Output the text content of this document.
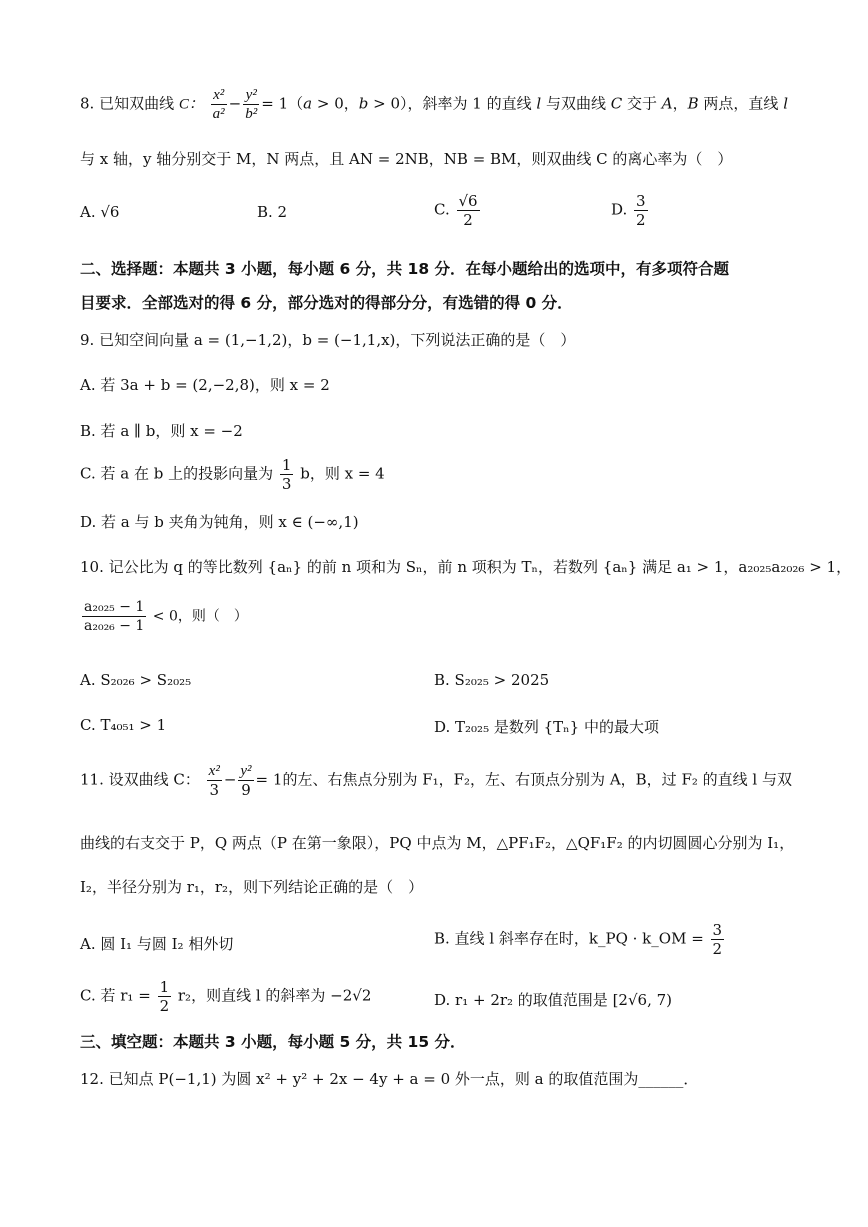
8. 已知双曲线 C： $\frac{\text{x²}}{\text{a²}} - \frac{\text{y²}}{\text{b²}} = 1(a > 0$，b > 0），斜率为 1 的直线 l 与双曲线 C 交于 A，B 两点，直线 l
与 x 轴，y 轴分别交于 M，N 两点，且 AN = 2NB，NB = BM，则双曲线 C 的离心率为（　）
A. √6	B. 2	C. $\frac{√6}{2}$	D. $\frac{3}{2}$
二、选择题：本题共 3 小题，每小题 6 分，共 18 分．在每小题给出的选项中，有多项符合题
目要求．全部选对的得 6 分，部分选对的得部分分，有选错的得 0 分．
9. 已知空间向量 a = (1,−1,2)，b = (−1,1,x)，下列说法正确的是（　）
A. 若 3a + b = (2,−2,8)，则 x = 2
B. 若 a ∥ b，则 x = −2
C. 若 a 在 b 上的投影向量为 $\frac{1}{3}$ b，则 x = 4
D. 若 a 与 b 夹角为钝角，则 x ∈ (−∞,1)
10. 记公比为 q 的等比数列 {aₙ} 的前 n 项和为 Sₙ，前 n 项积为 Tₙ，若数列 {aₙ} 满足 a₁ > 1，a₂₀₂₅a₂₀₂₆ > 1，
$\frac{\text{a₂₀₂₅ − 1}}{\text{a₂₀₂₆ − 1}} < 0$，则（　）
A. S₂₀₂₆ > S₂₀₂₅	B. S₂₀₂₅ > 2025
C. T₄₀₅₁ > 1	D. T₂₀₂₅ 是数列 {Tₙ} 中的最大项
11. 设双曲线 C： $\frac{\text{x²}}{3} - \frac{\text{y²}}{9} = 1$的左、右焦点分别为 F₁，F₂，左、右顶点分别为 A，B，过 F₂ 的直线 l 与双
曲线的右支交于 P，Q 两点（P 在第一象限），PQ 中点为 M，△PF₁F₂，△QF₁F₂ 的内切圆圆心分别为 I₁，
I₂，半径分别为 r₁，r₂，则下列结论正确的是（　）
A. 圆 I₁ 与圆 I₂ 相外切	B. 直线 l 斜率存在时，k_PQ · k_OM = $\frac{3}{2}$
C. 若 $r_1 = \frac{1}{2} r_2$，则直线 l 的斜率为 −2√2	D. r₁ + 2r₂ 的取值范围是 [2√6, 7)
三、填空题：本题共 3 小题，每小题 5 分，共 15 分．
12. 已知点 P(−1,1) 为圆 x² + y² + 2x − 4y + a = 0 外一点，则 a 的取值范围为______．
